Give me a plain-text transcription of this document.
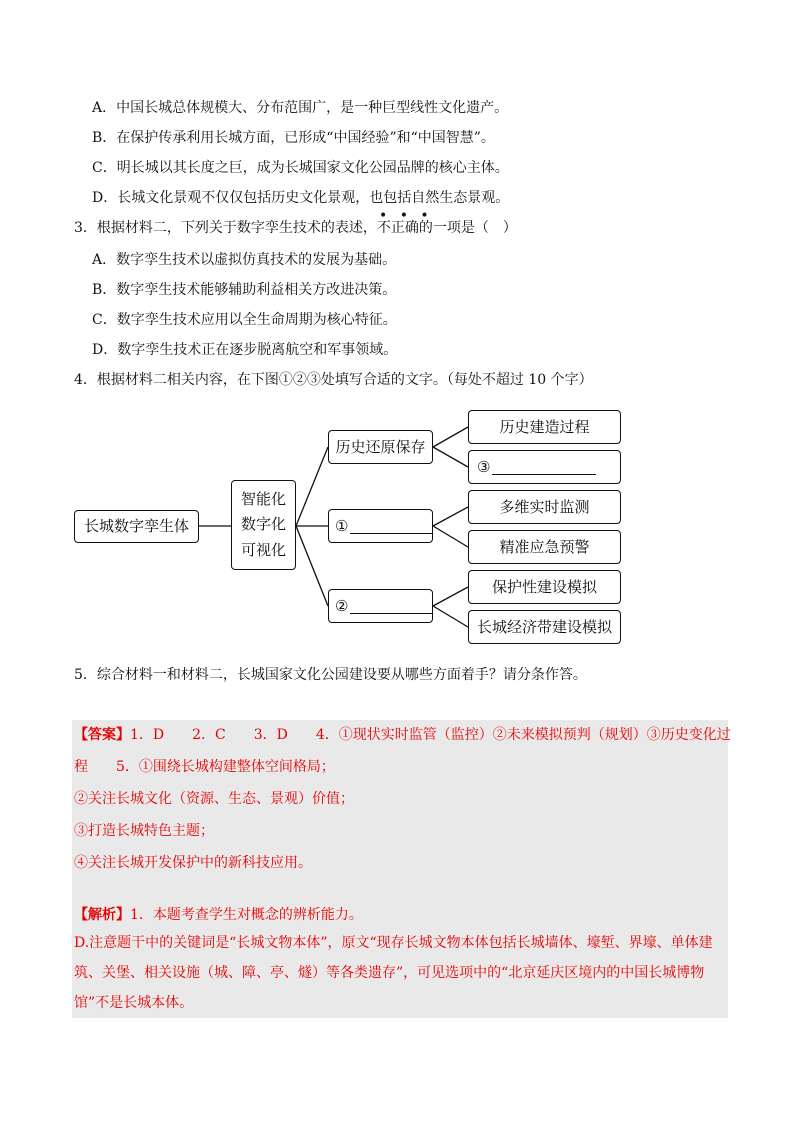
A．中国长城总体规模大、分布范围广，是一种巨型线性文化遗产。
B．在保护传承利用长城方面，已形成“中国经验”和“中国智慧”。
C．明长城以其长度之巨，成为长城国家文化公园品牌的核心主体。
D．长城文化景观不仅仅包括历史文化景观，也包括自然生态景观。
3．根据材料二，下列关于数字孪生技术的表述，不正确的一项是（　）
• • •
A．数字孪生技术以虚拟仿真技术的发展为基础。
B．数字孪生技术能够辅助利益相关方改进决策。
C．数字孪生技术应用以全生命周期为核心特征。
D．数字孪生技术正在逐步脱离航空和军事领域。
4．根据材料二相关内容，在下图①②③处填写合适的文字。（每处不超过 10 个字）
长城数字孪生体
智能化
数字化
可视化
历史还原保存
①
②
历史建造过程
③
多维实时监测
精准应急预警
保护性建设模拟
长城经济带建设模拟
5．综合材料一和材料二，长城国家文化公园建设要从哪些方面着手？请分条作答。
【答案】1．D　　2．C　　3．D　　4．①现状实时监管（监控）②未来模拟预判（规划）③历史变化过
程　　5．①围绕长城构建整体空间格局；
②关注长城文化（资源、生态、景观）价值；
③打造长城特色主题；
④关注长城开发保护中的新科技应用。
【解析】1．本题考查学生对概念的辨析能力。
D.注意题干中的关键词是“长城文物本体”，原文“现存长城文物本体包括长城墙体、壕堑、界壕、单体建筑、关堡、相关设施（城、障、亭、燧）等各类遗存”，可见选项中的“北京延庆区境内的中国长城博物馆”不是长城本体。
